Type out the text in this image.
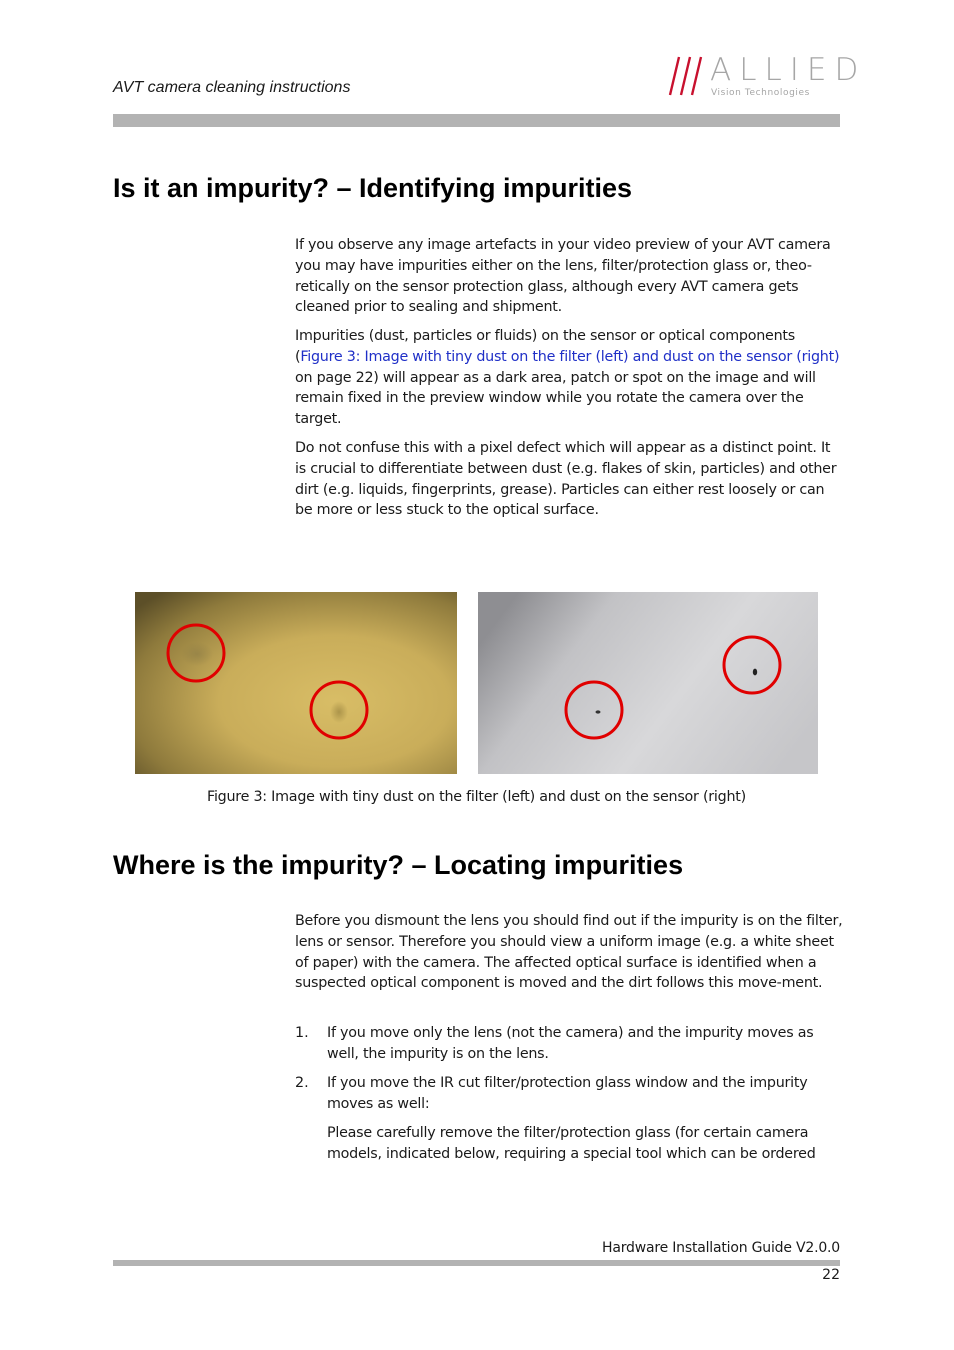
AVT camera cleaning instructions	ALLIED
Vision Technologies
Is it an impurity? – Identifying impurities

If you observe any image artefacts in your video preview of your AVT camera you may have impurities either on the lens, filter/protection glass or, theo-retically on the sensor protection glass, although every AVT camera gets cleaned prior to sealing and shipment.

Impurities (dust, particles or fluids) on the sensor or optical components (Figure 3: Image with tiny dust on the filter (left) and dust on the sensor (right) on page 22) will appear as a dark area, patch or spot on the image and will remain fixed in the preview window while you rotate the camera over the target.

Do not confuse this with a pixel defect which will appear as a distinct point. It is crucial to differentiate between dust (e.g. flakes of skin, particles) and other dirt (e.g. liquids, fingerprints, grease). Particles can either rest loosely or can be more or less stuck to the optical surface.

Figure 3: Image with tiny dust on the filter (left) and dust on the sensor (right)
Where is the impurity? – Locating impurities

Before you dismount the lens you should find out if the impurity is on the filter, lens or sensor. Therefore you should view a uniform image (e.g. a white sheet of paper) with the camera. The affected optical surface is identified when a suspected optical component is moved and the dirt follows this move-ment.

1. If you move only the lens (not the camera) and the impurity moves as well, the impurity is on the lens.

2. If you move the IR cut filter/protection glass window and the impurity moves as well:

Please carefully remove the filter/protection glass (for certain camera models, indicated below, requiring a special tool which can be ordered

Hardware Installation Guide V2.0.0
22
